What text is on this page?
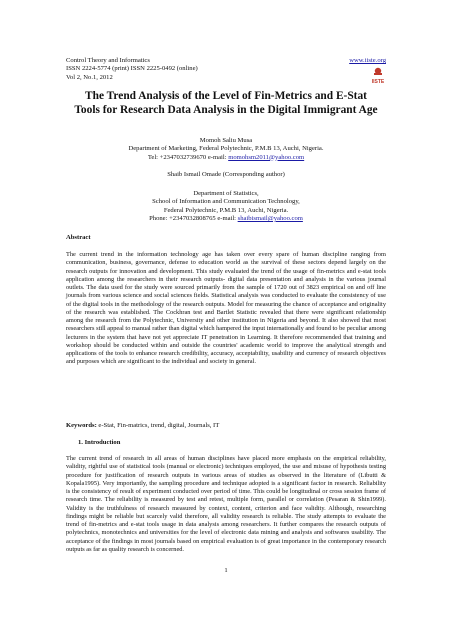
Control Theory and Informatics
ISSN 2224-5774 (print) ISSN 2225-0492 (online)
Vol 2, No.1, 2012
www.iiste.org
IISTE
The Trend Analysis of the Level of Fin-Metrics and E-Stat
Tools for Research Data Analysis in the Digital Immigrant Age
Momoh Saliu Musa
Department of Marketing, Federal Polytechnic, P.M.B 13, Auchi, Nigeria.
Tel: +2347032739670 e-mail: momohsm2011@yahoo.com
Shaib Ismail Omade (Corresponding author)
Department of Statistics,
School of Information and Communication Technology,
Federal Polytechnic, P.M.B 13, Auchi, Nigeria.
Phone: +2347032808765 e-mail: shaibismail@yahoo.com
Abstract
The current trend in the information technology age has taken over every spare of human discipline ranging from communication, business, governance, defense to education world as the survival of these sectors depend largely on the research outputs for innovation and development. This study evaluated the trend of the usage of fin-metrics and e-stat tools application among the researchers in their research outputs- digital data presentation and analysis in the various journal outlets. The data used for the study were sourced primarily from the sample of 1720 out of 3823 empirical on and off line journals from various science and social sciences fields. Statistical analysis was conducted to evaluate the consistency of use of the digital tools in the methodology of the research outputs. Model for measuring the chance of acceptance and originality of the research was established. The Cockhran test and Bartlet Statistic revealed that there were significant relationship among the research from the Polytechnic, University and other institution in Nigeria and beyond. It also showed that most researchers still appeal to manual rather than digital which hampered the input internationally and found to be peculiar among lecturers in the system that have not yet appreciate IT penetration in Learning. It therefore recommended that training and workshop should be conducted within and outside the countries' academic world to improve the analytical strength and applications of the tools to enhance research credibility, accuracy, acceptability, usability and currency of research objectives and purposes which are significant to the individual and society in general.
Keywords: e-Stat, Fin-matrics, trend, digital, Journals, IT
1. Introduction
The current trend of research in all areas of human disciplines have placed more emphasis on the empirical reliability, validity, rightful use of statistical tools (manual or electronic) techniques employed, the use and misuse of hypothesis testing procedure for justification of research outputs in various areas of studies as observed in the literature of (Libutti & Kopala1995). Very importantly, the sampling procedure and technique adopted is a significant factor in research. Reliability is the consistency of result of experiment conducted over period of time. This could be longitudinal or cross session frame of research time. The reliability is measured by test and retest, multiple form, parallel or correlation (Pesaran & Shin1999). Validity is the truthfulness of research measured by context, content, criterion and face validity. Although, researching findings might be reliable but scarcely valid therefore, all validity research is reliable. The study attempts to evaluate the trend of fin-metrics and e-stat tools usage in data analysis among researchers. It further compares the research outputs of polytechnics, monotechnics and universities for the level of electronic data mining and analysis and softwares usability. The acceptance of the findings in most journals based on empirical evaluation is of great importance in the contemporary research outputs as far as quality research is concerned.
1
